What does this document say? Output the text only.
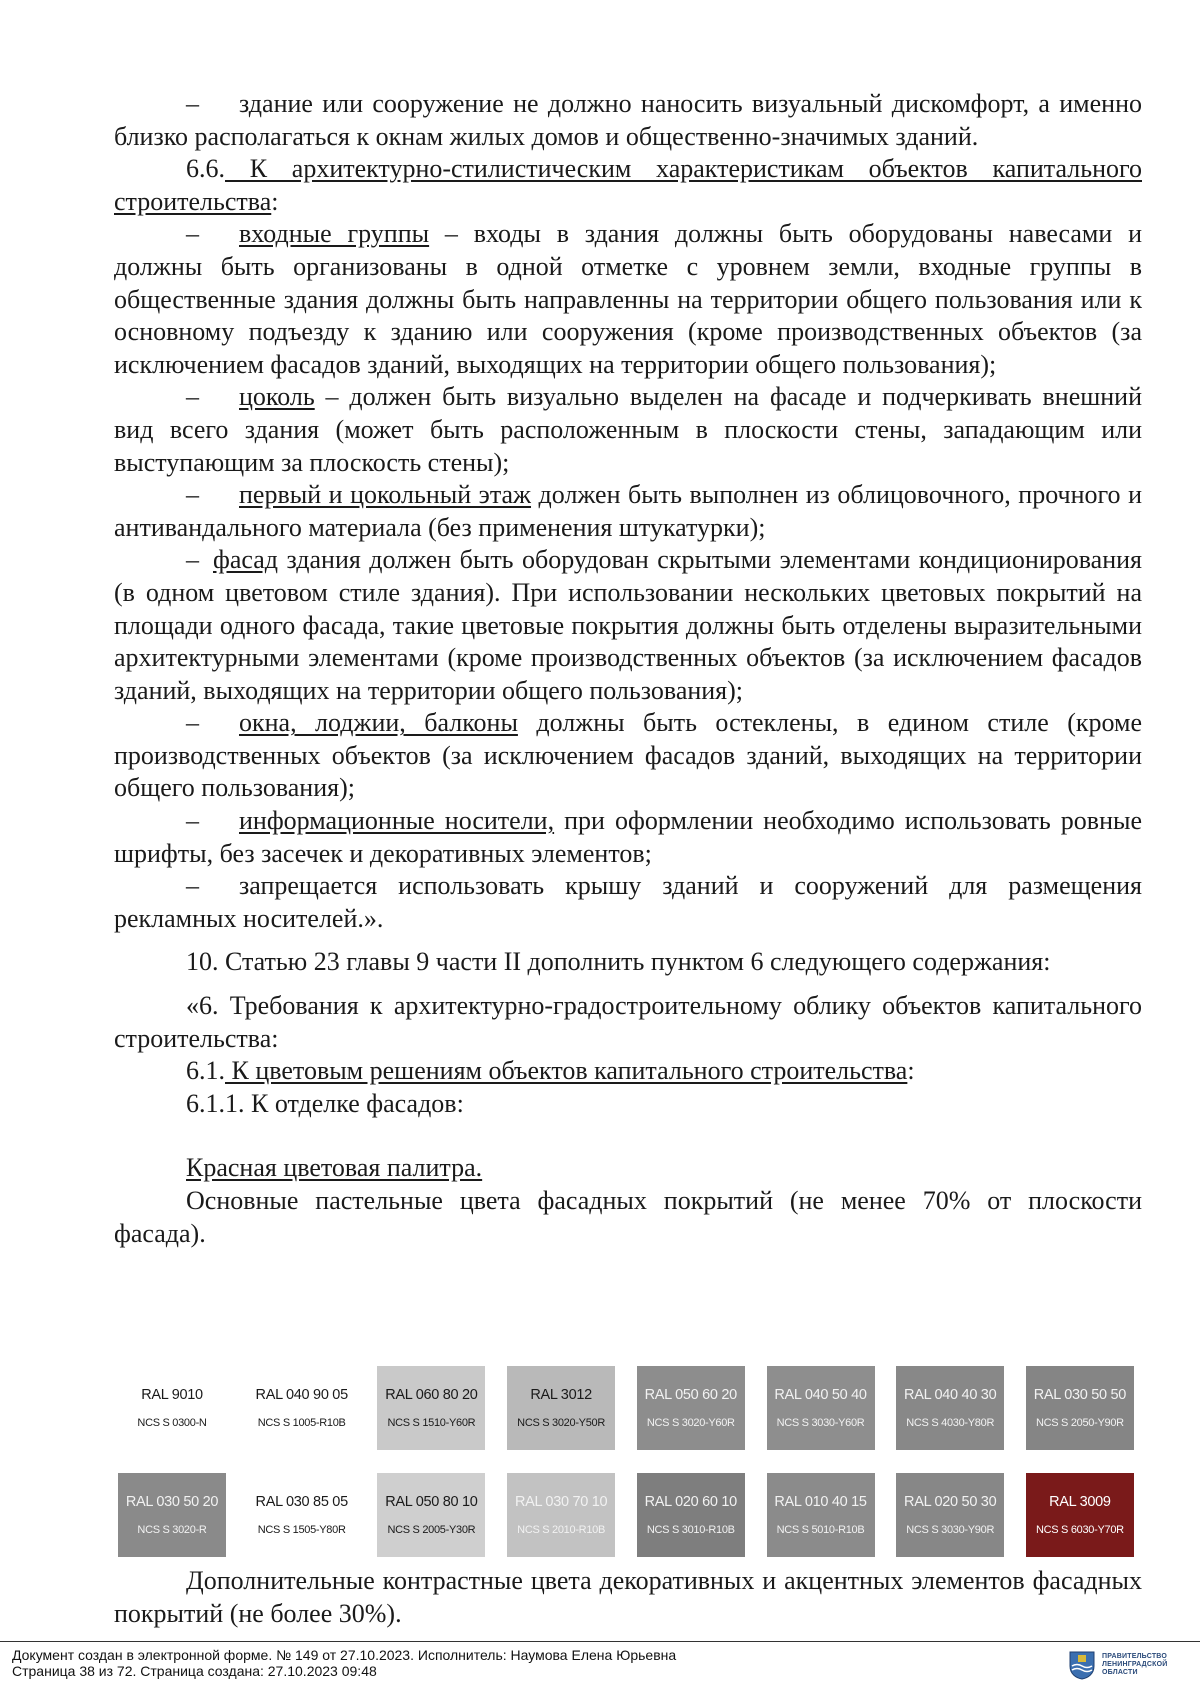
– здание или сооружение не должно наносить визуальный дискомфорт, а именно близко располагаться к окнам жилых домов и общественно-значимых зданий.

6.6. К архитектурно-стилистическим характеристикам объектов капитального строительства:

– входные группы – входы в здания должны быть оборудованы навесами и должны быть организованы в одной отметке с уровнем земли, входные группы в общественные здания должны быть направленны на территории общего пользования или к основному подъезду к зданию или сооружения (кроме производственных объектов (за исключением фасадов зданий, выходящих на территории общего пользования);

– цоколь – должен быть визуально выделен на фасаде и подчеркивать внешний вид всего здания (может быть расположенным в плоскости стены, западающим или выступающим за плоскость стены);

– первый и цокольный этаж должен быть выполнен из облицовочного, прочного и антивандального материала (без применения штукатурки);

– фасад здания должен быть оборудован скрытыми элементами кондиционирования (в одном цветовом стиле здания). При использовании нескольких цветовых покрытий на площади одного фасада, такие цветовые покрытия должны быть отделены выразительными архитектурными элементами (кроме производственных объектов (за исключением фасадов зданий, выходящих на территории общего пользования);

– окна, лоджии, балконы должны быть остеклены, в едином стиле (кроме производственных объектов (за исключением фасадов зданий, выходящих на территории общего пользования);

– информационные носители, при оформлении необходимо использовать ровные шрифты, без засечек и декоративных элементов;

– запрещается использовать крышу зданий и сооружений для размещения рекламных носителей.».

10. Статью 23 главы 9 части II дополнить пунктом 6 следующего содержания:

«6. Требования к архитектурно-градостроительному облику объектов капитального строительства:

6.1. К цветовым решениям объектов капитального строительства:

6.1.1. К отделке фасадов:

Красная цветовая палитра.

Основные пастельные цвета фасадных покрытий (не менее 70% от плоскости фасада).

RAL 9010
NCS S 0300-N
RAL 040 90 05
NCS S 1005-R10B
RAL 060 80 20
NCS S 1510-Y60R
RAL 3012
NCS S 3020-Y50R
RAL 050 60 20
NCS S 3020-Y60R
RAL 040 50 40
NCS S 3030-Y60R
RAL 040 40 30
NCS S 4030-Y80R
RAL 030 50 50
NCS S 2050-Y90R
RAL 030 50 20
NCS S 3020-R
RAL 030 85 05
NCS S 1505-Y80R
RAL 050 80 10
NCS S 2005-Y30R
RAL 030 70 10
NCS S 2010-R10B
RAL 020 60 10
NCS S 3010-R10B
RAL 010 40 15
NCS S 5010-R10B
RAL 020 50 30
NCS S 3030-Y90R
RAL 3009
NCS S 6030-Y70R

Дополнительные контрастные цвета декоративных и акцентных элементов фасадных покрытий (не более 30%).

Документ создан в электронной форме. № 149 от 27.10.2023. Исполнитель: Наумова Елена Юрьевна
Страница 38 из 72. Страница создана: 27.10.2023 09:48
ПРАВИТЕЛЬСТВО
ЛЕНИНГРАДСКОЙ
ОБЛАСТИ
